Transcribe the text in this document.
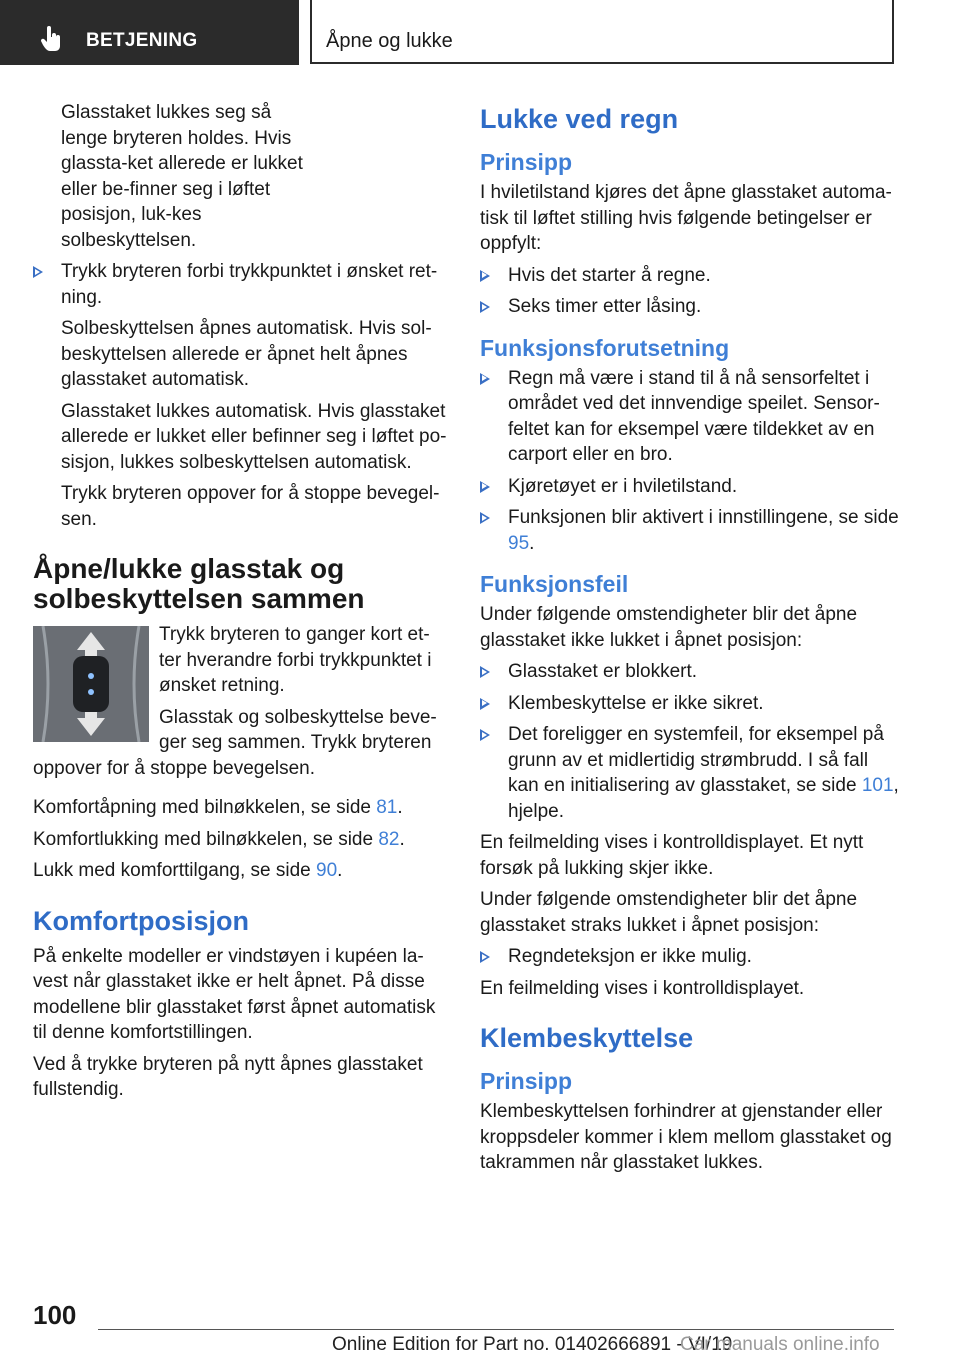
BETJENING	Åpne og lukke

Glasstaket lukkes seg så lenge bryteren holdes. Hvis glassta-ket allerede er lukket eller be-finner seg i løftet posisjon, luk-kes solbeskyttelsen.

Trykk bryteren forbi trykkpunktet i ønsket ret-ning.

Solbeskyttelsen åpnes automatisk. Hvis sol-beskyttelsen allerede er åpnet helt åpnes glasstaket automatisk.

Glasstaket lukkes automatisk. Hvis glasstaket allerede er lukket eller befinner seg i løftet po-sisjon, lukkes solbeskyttelsen automatisk.

Trykk bryteren oppover for å stoppe bevegel-sen.

Åpne/lukke glasstak og solbeskyttelsen sammen

Trykk bryteren to ganger kort et-ter hverandre forbi trykkpunktet i ønsket retning.

Glasstak og solbeskyttelse beve-ger seg sammen. Trykk bryteren oppover for å stoppe bevegelsen.

Komfortåpning med bilnøkkelen, se side 81.

Komfortlukking med bilnøkkelen, se side 82.

Lukk med komforttilgang, se side 90.

Komfortposisjon

På enkelte modeller er vindstøyen i kupéen la-vest når glasstaket ikke er helt åpnet. På disse modellene blir glasstaket først åpnet automatisk til denne komfortstillingen.

Ved å trykke bryteren på nytt åpnes glasstaket fullstendig.

Lukke ved regn
Prinsipp

I hviletilstand kjøres det åpne glasstaket automa-tisk til løftet stilling hvis følgende betingelser er oppfylt:

Hvis det starter å regne.
Seks timer etter låsing.
Funksjonsforutsetning
Regn må være i stand til å nå sensorfeltet i området ved det innvendige speilet. Sensor-feltet kan for eksempel være tildekket av en carport eller en bro.
Kjøretøyet er i hviletilstand.
Funksjonen blir aktivert i innstillingene, se side 95.
Funksjonsfeil

Under følgende omstendigheter blir det åpne glasstaket ikke lukket i åpnet posisjon:

Glasstaket er blokkert.
Klembeskyttelse er ikke sikret.
Det foreligger en systemfeil, for eksempel på grunn av et midlertidig strømbrudd. I så fall kan en initialisering av glasstaket, se side 101, hjelpe.

En feilmelding vises i kontrolldisplayet. Et nytt forsøk på lukking skjer ikke.

Under følgende omstendigheter blir det åpne glasstaket straks lukket i åpnet posisjon:

Regndeteksjon er ikke mulig.

En feilmelding vises i kontrolldisplayet.

Klembeskyttelse
Prinsipp

Klembeskyttelsen forhindrer at gjenstander eller kroppsdeler kommer i klem mellom glasstaket og takrammen når glasstaket lukkes.

100
Online Edition for Part no. 01402666891 - VI/19
Car manuals online.info
